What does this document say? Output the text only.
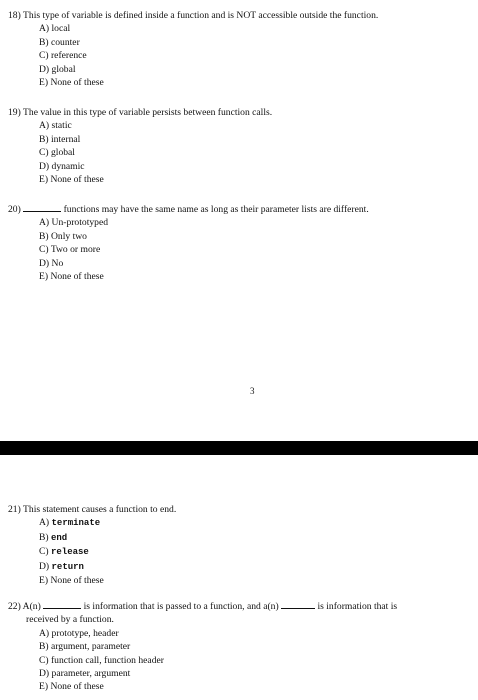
18) This type of variable is defined inside a function and is NOT accessible outside the function.
A) local
B) counter
C) reference
D) global
E) None of these
19) The value in this type of variable persists between function calls.
A) static
B) internal
C) global
D) dynamic
E) None of these
20)	functions may have the same name as long as their parameter lists are different.
A) Un-prototyped
B) Only two
C) Two or more
D) No
E) None of these
3
21) This statement causes a function to end.
A) terminate
B) end
C) release
D) return
E) None of these
22) A(n)	is information that is passed to a function, and a(n)	is information that is
received by a function.
A) prototype, header
B) argument, parameter
C) function call, function header
D) parameter, argument
E) None of these
